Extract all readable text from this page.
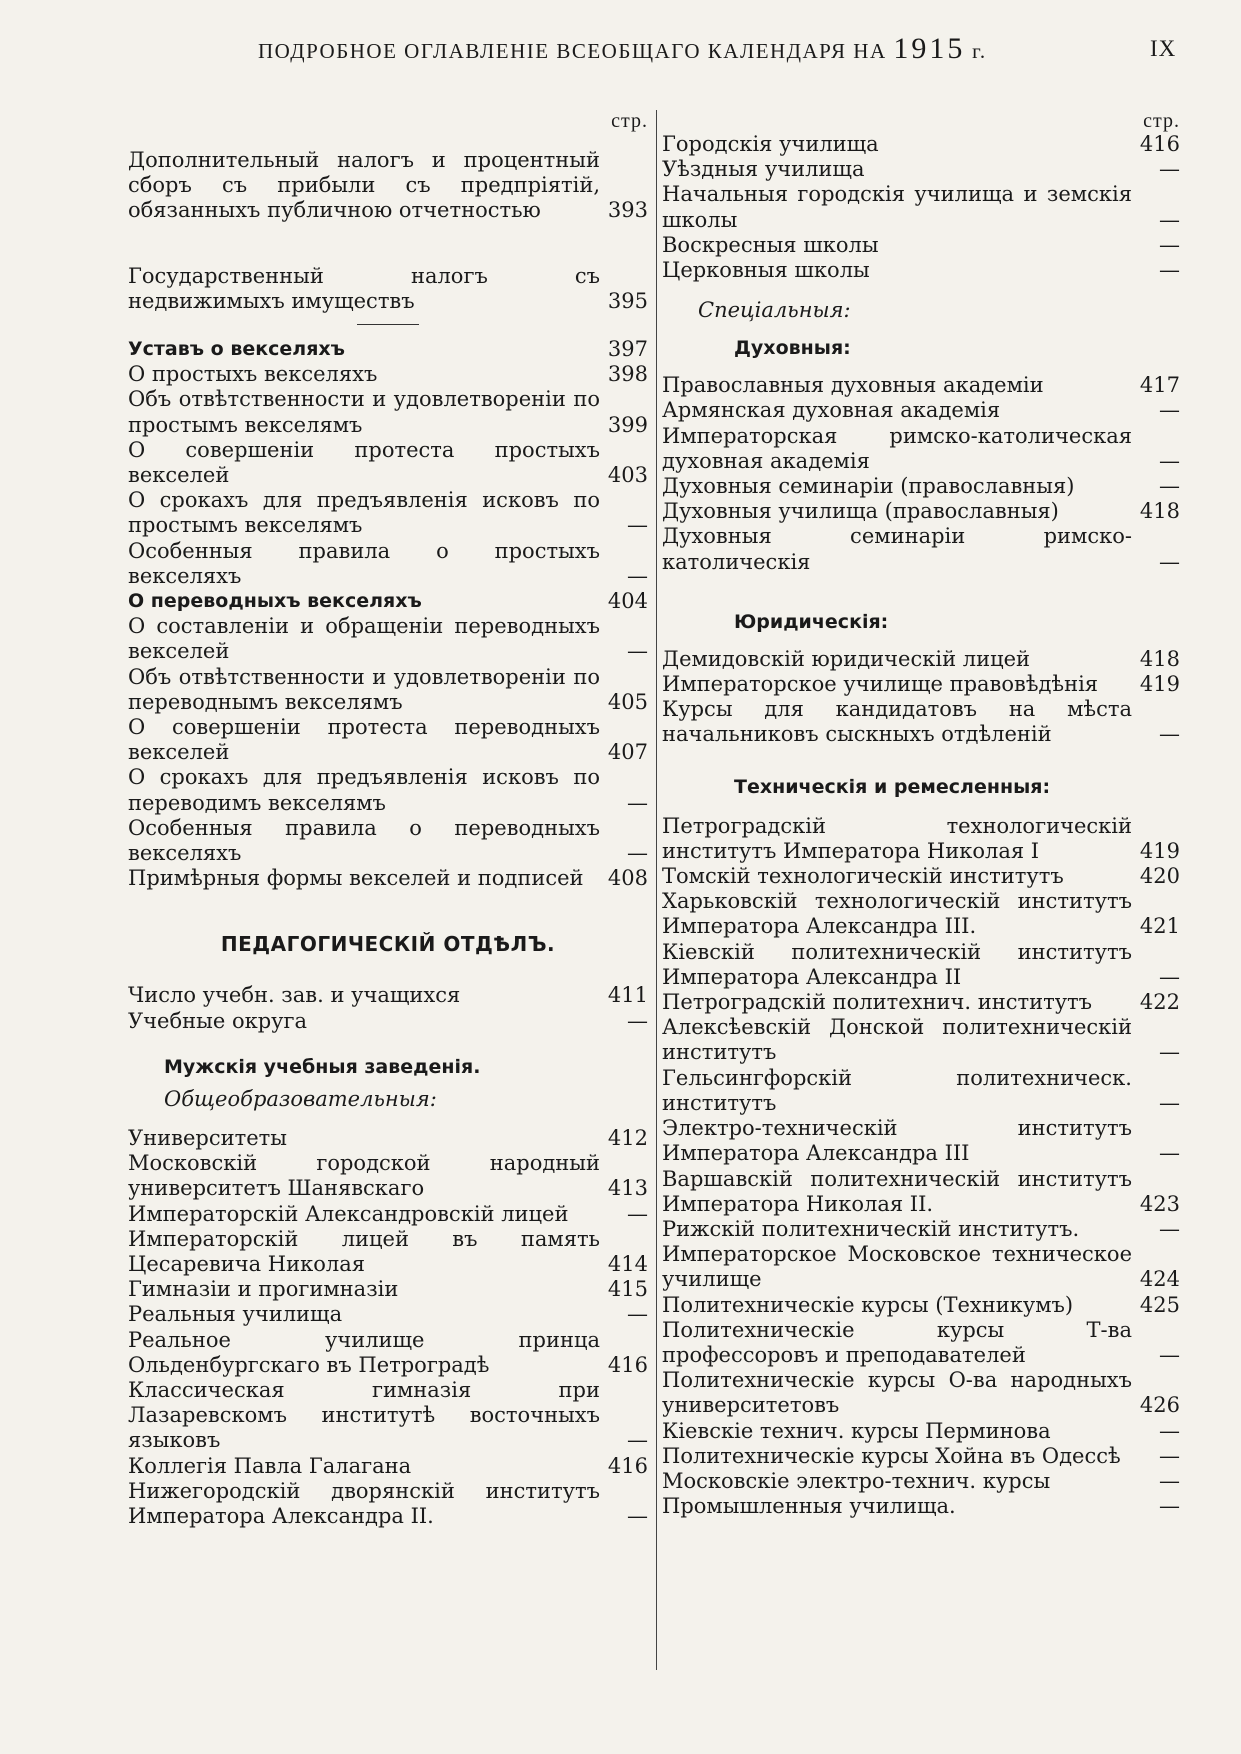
ПОДРОБНОЕ ОГЛАВЛЕНІЕ ВСЕОБЩАГО КАЛЕНДАРЯ НА 1915 г.	IX
стр.
Дополнительный налогъ и процентный сборъ съ прибыли съ предпріятій, обязанныхъ публичною отчетностью	393
Государственный налогъ съ недвижимыхъ имуществъ	395
Уставъ о векселяхъ	397
О простыхъ векселяхъ	398
Объ отвѣтственности и удовлетвореніи по простымъ векселямъ	399
О совершеніи протеста простыхъ векселей	403
О срокахъ для предъявленія исковъ по простымъ векселямъ	—
Особенныя правила о простыхъ векселяхъ	—
О переводныхъ векселяхъ	404
О составленіи и обращеніи переводныхъ векселей	—
Объ отвѣтственности и удовлетвореніи по переводнымъ векселямъ	405
О совершеніи протеста переводныхъ векселей	407
О срокахъ для предъявленія исковъ по переводимъ векселямъ	—
Особенныя правила о переводныхъ векселяхъ	—
Примѣрныя формы векселей и подписей	408
ПЕДАГОГИЧЕСКІЙ ОТДѢЛЪ.
Число учебн. зав. и учащихся	411
Учебные округа	—
Мужскія учебныя заведенія.
Общеобразовательныя:
Университеты	412
Московскій городской народный университетъ Шанявскаго	413
Императорскій Александровскій лицей	—
Императорскій лицей въ память Цесаревича Николая	414
Гимназіи и прогимназіи	415
Реальныя училища	—
Реальное училище принца Ольденбургскаго въ Петроградѣ	416
Классическая гимназія при Лазаревскомъ институтѣ восточныхъ языковъ	—
Коллегія Павла Галагана	416
Нижегородскій дворянскій институтъ Императора Александра II.	—
стр.
Городскія училища	416
Уѣздныя училища	—
Начальныя городскія училища и земскія школы	—
Воскресныя школы	—
Церковныя школы	—
Спеціальныя:
Духовныя:
Православныя духовныя академіи	417
Армянская духовная академія	—
Императорская римско-католическая духовная академія	—
Духовныя семинаріи (православныя)	—
Духовныя училища (православныя)	418
Духовныя семинаріи римско-католическія	—
Юридическія:
Демидовскій юридическій лицей	418
Императорское училище правовѣдѣнія	419
Курсы для кандидатовъ на мѣста начальниковъ сыскныхъ отдѣленій	—
Техническія и ремесленныя:
Петроградскій технологическій институтъ Императора Николая I	419
Томскій технологическій институтъ	420
Харьковскій технологическій институтъ Императора Александра III.	421
Кіевскій политехническій институтъ Императора Александра II	—
Петроградскій политехнич. институтъ	422
Алексѣевскій Донской политехническій институтъ	—
Гельсингфорскій политехническ. институтъ	—
Электро-техническій институтъ Императора Александра III	—
Варшавскій политехническій институтъ Императора Николая II.	423
Рижскій политехническій институтъ.	—
Императорское Московское техническое училище	424
Политехническіе курсы (Техникумъ)	425
Политехническіе курсы Т-ва профессоровъ и преподавателей	—
Политехническіе курсы О-ва народныхъ университетовъ	426
Кіевскіе технич. курсы Перминова	—
Политехническіе курсы Хойна въ Одессѣ	—
Московскіе электро-технич. курсы	—
Промышленныя училища.	—
